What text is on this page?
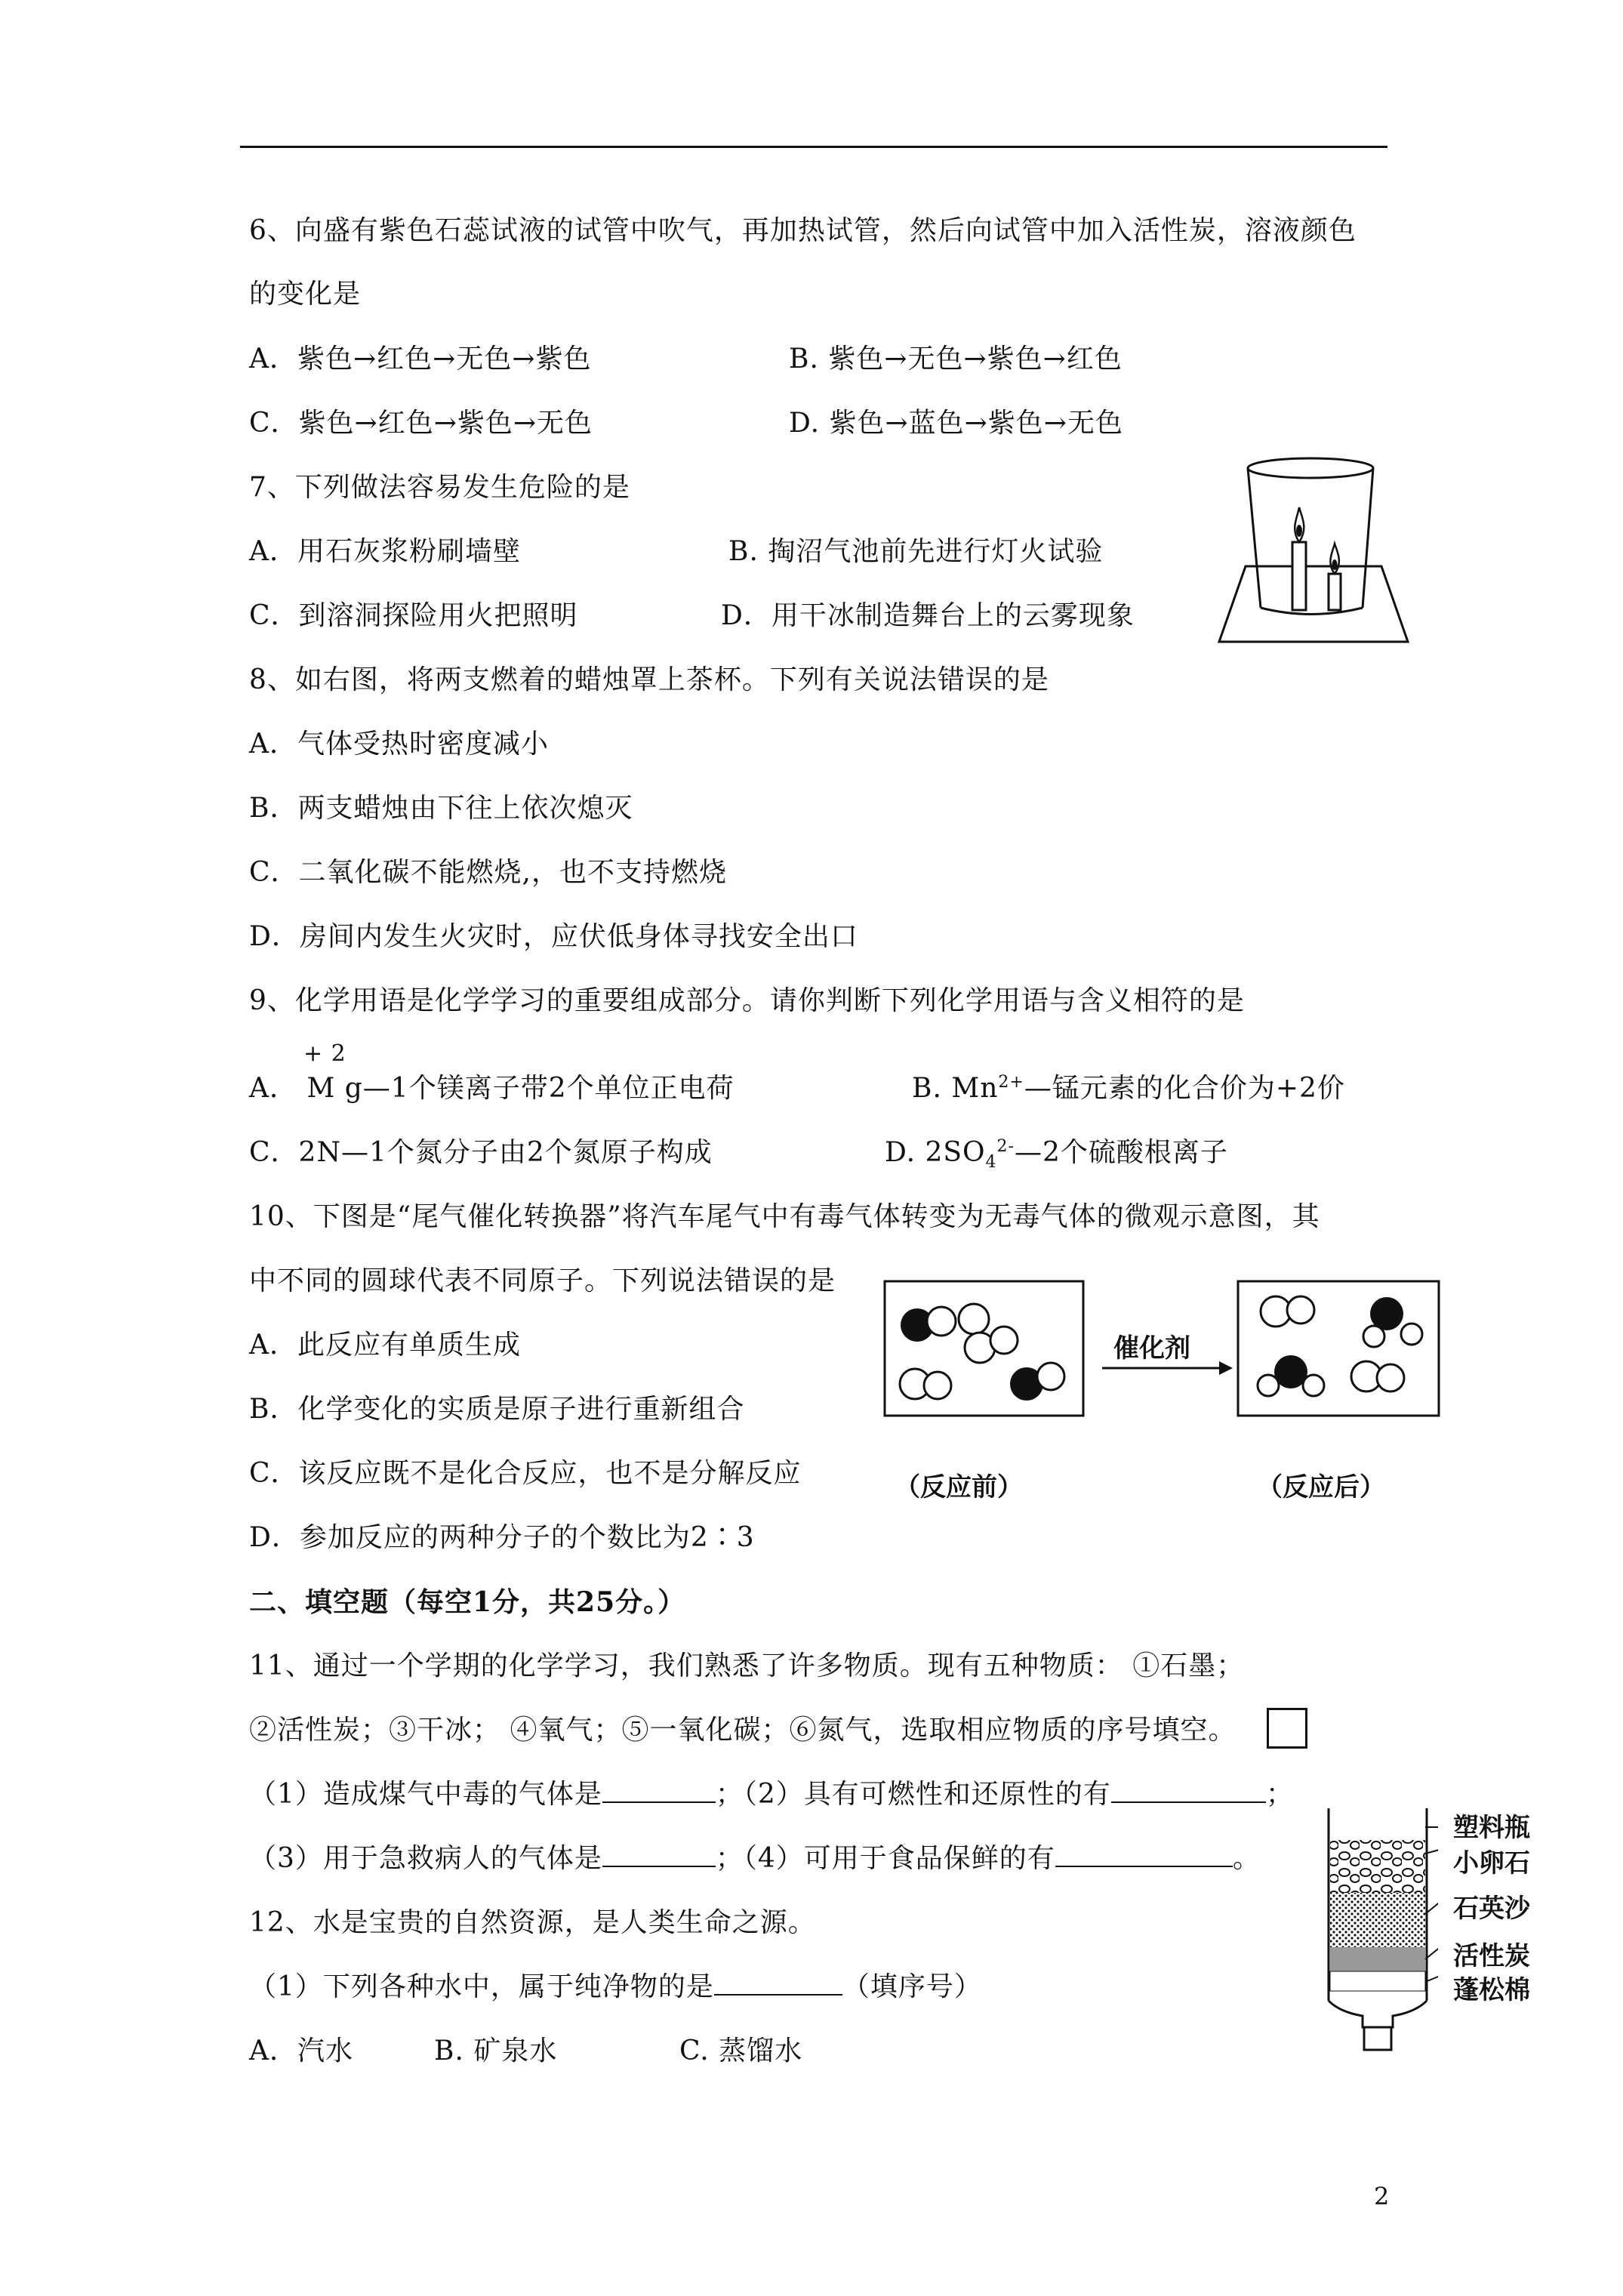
6、向盛有紫色石蕊试液的试管中吹气，再加热试管，然后向试管中加入活性炭，溶液颜色
的变化是
A．紫色→红色→无色→紫色	B. 紫色→无色→紫色→红色
C．紫色→红色→紫色→无色	D. 紫色→蓝色→紫色→无色
7、下列做法容易发生危险的是
A．用石灰浆粉刷墙壁	B. 掏沼气池前先进行灯火试验
C．到溶洞探险用火把照明	D．用干冰制造舞台上的云雾现象
8、如右图，将两支燃着的蜡烛罩上茶杯。下列有关说法错误的是
A．气体受热时密度减小
B．两支蜡烛由下往上依次熄灭
C．二氧化碳不能燃烧,，也不支持燃烧
D．房间内发生火灾时，应伏低身体寻找安全出口
9、化学用语是化学学习的重要组成部分。请你判断下列化学用语与含义相符的是
+ 2
A． M g—1个镁离子带2个单位正电荷	B. $Mn^{2+}—$锰元素的化合价为+2价
C．2N—1个氮分子由2个氮原子构成	D. $2SO_4^{2-}—2$个硫酸根离子
10、下图是“尾气催化转换器”将汽车尾气中有毒气体转变为无毒气体的微观示意图，其
中不同的圆球代表不同原子。下列说法错误的是
A．此反应有单质生成
B．化学变化的实质是原子进行重新组合
C．该反应既不是化合反应，也不是分解反应
D．参加反应的两种分子的个数比为2∶3
催化剂
（反应前）	（反应后）
二、填空题（每空1分，共25分。）
11、通过一个学期的化学学习，我们熟悉了许多物质。现有五种物质： ①石墨；
②活性炭；③干冰； ④氧气；⑤一氧化碳；⑥氮气，选取相应物质的序号填空。
（1）造成煤气中毒的气体是	；（2）具有可燃性和还原性的有	；
（3）用于急救病人的气体是	；（4）可用于食品保鲜的有	。
12、水是宝贵的自然资源，是人类生命之源。
（1）下列各种水中，属于纯净物的是	（填序号）
A．汽水	B. 矿泉水	C. 蒸馏水
塑料瓶
小卵石
石英沙
活性炭
蓬松棉
2
